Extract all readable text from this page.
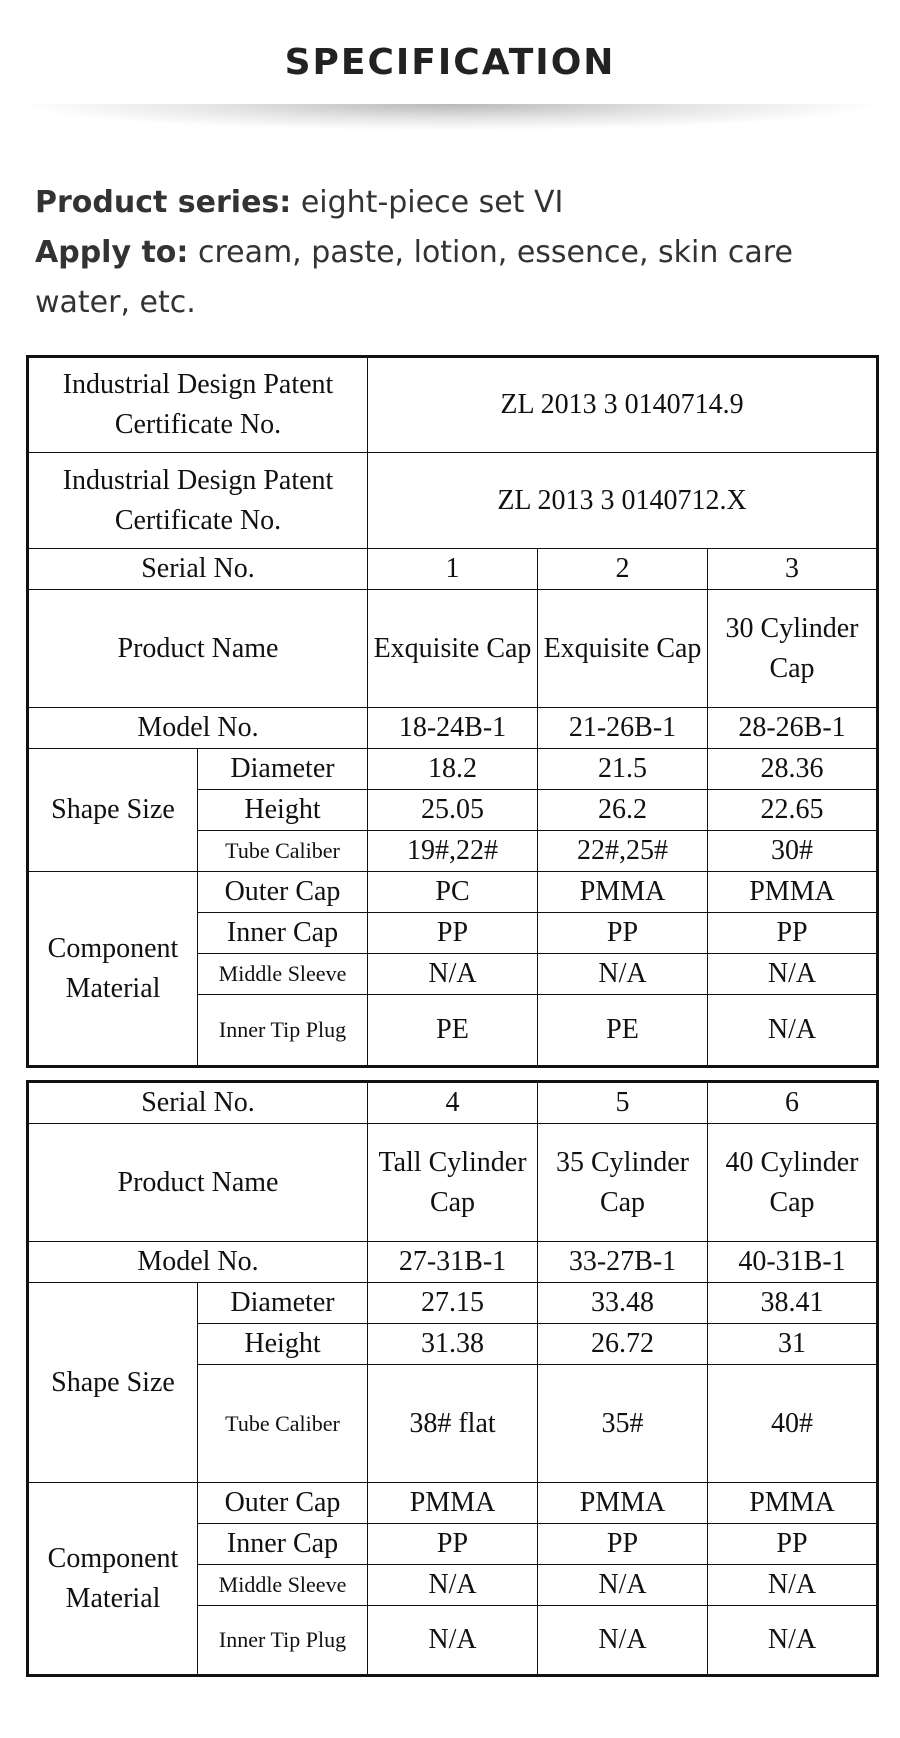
SPECIFICATION
Product series: eight-piece set VI
Apply to: cream, paste, lotion, essence, skin care water, etc.
Industrial Design Patent Certificate No.		ZL 2013 3 0140714.9		
Industrial Design Patent Certificate No.		ZL 2013 3 0140712.X		
Serial No.		1	2	3
Product Name		Exquisite Cap	Exquisite Cap	30 Cylinder Cap
Model No.		18-24B-1	21-26B-1	28-26B-1
Shape Size	Diameter	18.2	21.5	28.36
	Height	25.05	26.2	22.65
	Tube Caliber	19#,22#	22#,25#	30#
Component Material	Outer Cap	PC	PMMA	PMMA
	Inner Cap	PP	PP	PP
	Middle Sleeve	N/A	N/A	N/A
	Inner Tip Plug	PE	PE	N/A
Serial No.		4	5	6
Product Name		Tall Cylinder Cap	35 Cylinder Cap	40 Cylinder Cap
Model No.		27-31B-1	33-27B-1	40-31B-1
Shape Size	Diameter	27.15	33.48	38.41
	Height	31.38	26.72	31
	Tube Caliber	38# flat	35#	40#
Component Material	Outer Cap	PMMA	PMMA	PMMA
	Inner Cap	PP	PP	PP
	Middle Sleeve	N/A	N/A	N/A
	Inner Tip Plug	N/A	N/A	N/A
